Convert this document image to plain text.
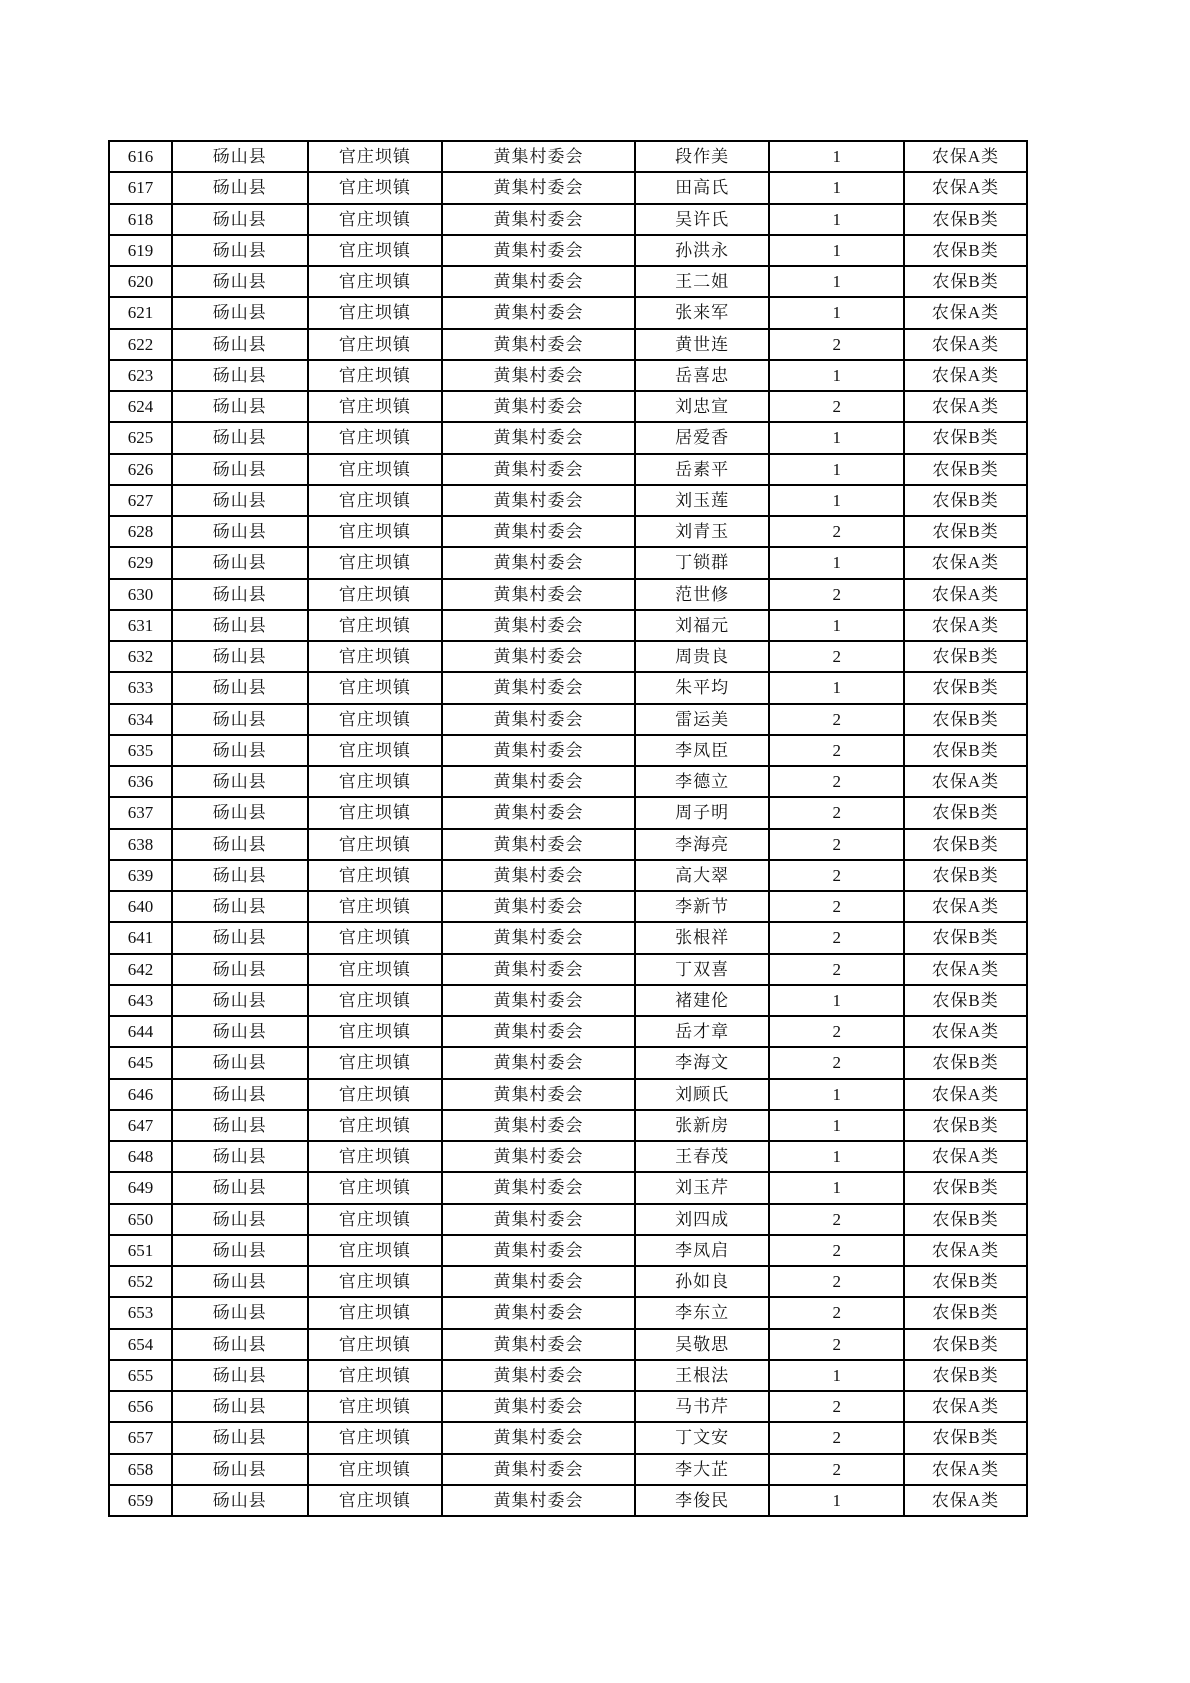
616	砀山县	官庄坝镇	黄集村委会	段作美	1	农保A类
617	砀山县	官庄坝镇	黄集村委会	田高氏	1	农保A类
618	砀山县	官庄坝镇	黄集村委会	吴许氏	1	农保B类
619	砀山县	官庄坝镇	黄集村委会	孙洪永	1	农保B类
620	砀山县	官庄坝镇	黄集村委会	王二姐	1	农保B类
621	砀山县	官庄坝镇	黄集村委会	张来军	1	农保A类
622	砀山县	官庄坝镇	黄集村委会	黄世连	2	农保A类
623	砀山县	官庄坝镇	黄集村委会	岳喜忠	1	农保A类
624	砀山县	官庄坝镇	黄集村委会	刘忠宣	2	农保A类
625	砀山县	官庄坝镇	黄集村委会	居爱香	1	农保B类
626	砀山县	官庄坝镇	黄集村委会	岳素平	1	农保B类
627	砀山县	官庄坝镇	黄集村委会	刘玉莲	1	农保B类
628	砀山县	官庄坝镇	黄集村委会	刘青玉	2	农保B类
629	砀山县	官庄坝镇	黄集村委会	丁锁群	1	农保A类
630	砀山县	官庄坝镇	黄集村委会	范世修	2	农保A类
631	砀山县	官庄坝镇	黄集村委会	刘福元	1	农保A类
632	砀山县	官庄坝镇	黄集村委会	周贵良	2	农保B类
633	砀山县	官庄坝镇	黄集村委会	朱平均	1	农保B类
634	砀山县	官庄坝镇	黄集村委会	雷运美	2	农保B类
635	砀山县	官庄坝镇	黄集村委会	李凤臣	2	农保B类
636	砀山县	官庄坝镇	黄集村委会	李德立	2	农保A类
637	砀山县	官庄坝镇	黄集村委会	周子明	2	农保B类
638	砀山县	官庄坝镇	黄集村委会	李海亮	2	农保B类
639	砀山县	官庄坝镇	黄集村委会	高大翠	2	农保B类
640	砀山县	官庄坝镇	黄集村委会	李新节	2	农保A类
641	砀山县	官庄坝镇	黄集村委会	张根祥	2	农保B类
642	砀山县	官庄坝镇	黄集村委会	丁双喜	2	农保A类
643	砀山县	官庄坝镇	黄集村委会	褚建伦	1	农保B类
644	砀山县	官庄坝镇	黄集村委会	岳才章	2	农保A类
645	砀山县	官庄坝镇	黄集村委会	李海文	2	农保B类
646	砀山县	官庄坝镇	黄集村委会	刘顾氏	1	农保A类
647	砀山县	官庄坝镇	黄集村委会	张新房	1	农保B类
648	砀山县	官庄坝镇	黄集村委会	王春茂	1	农保A类
649	砀山县	官庄坝镇	黄集村委会	刘玉芹	1	农保B类
650	砀山县	官庄坝镇	黄集村委会	刘四成	2	农保B类
651	砀山县	官庄坝镇	黄集村委会	李凤启	2	农保A类
652	砀山县	官庄坝镇	黄集村委会	孙如良	2	农保B类
653	砀山县	官庄坝镇	黄集村委会	李东立	2	农保B类
654	砀山县	官庄坝镇	黄集村委会	吴敬思	2	农保B类
655	砀山县	官庄坝镇	黄集村委会	王根法	1	农保B类
656	砀山县	官庄坝镇	黄集村委会	马书芹	2	农保A类
657	砀山县	官庄坝镇	黄集村委会	丁文安	2	农保B类
658	砀山县	官庄坝镇	黄集村委会	李大芷	2	农保A类
659	砀山县	官庄坝镇	黄集村委会	李俊民	1	农保A类
